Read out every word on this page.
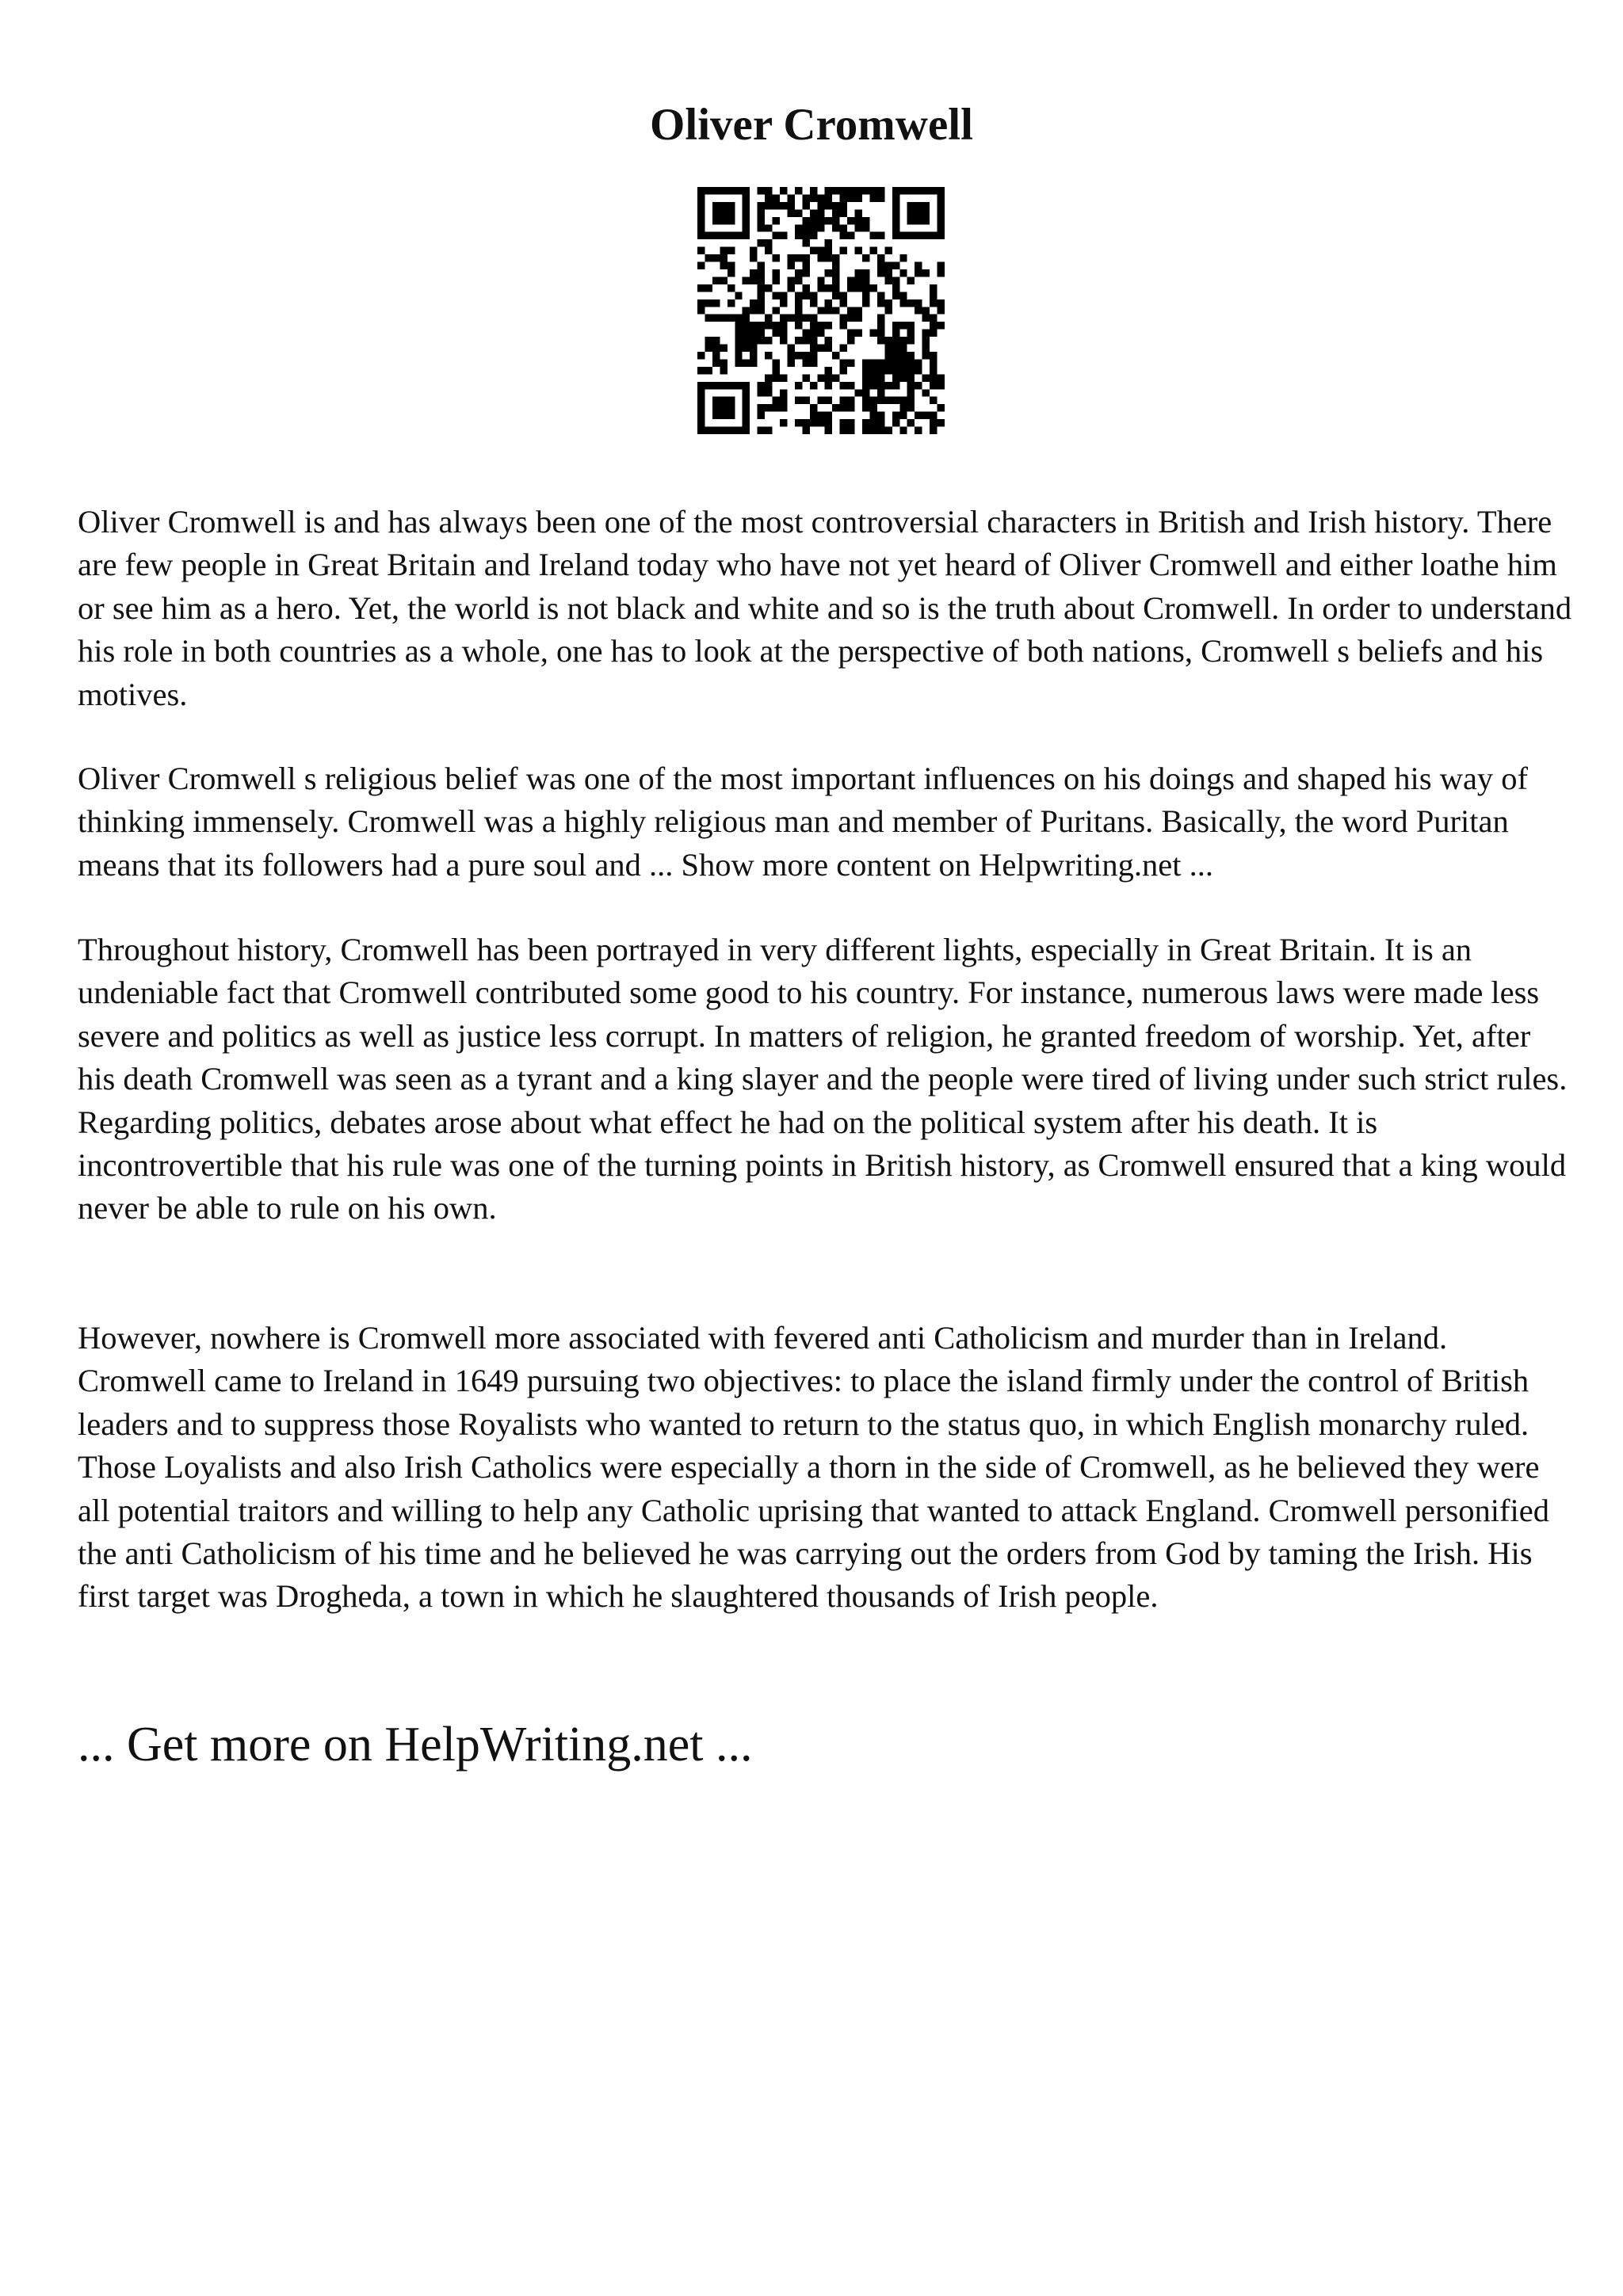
Oliver Cromwell

Oliver Cromwell is and has always been one of the most controversial characters in British and Irish history. There are few people in Great Britain and Ireland today who have not yet heard of Oliver Cromwell and either loathe him or see him as a hero. Yet, the world is not black and white and so is the truth about Cromwell. In order to understand his role in both countries as a whole, one has to look at the perspective of both nations, Cromwell s beliefs and his motives.

Oliver Cromwell s religious belief was one of the most important influences on his doings and shaped his way of thinking immensely. Cromwell was a highly religious man and member of Puritans. Basically, the word Puritan means that its followers had a pure soul and ... Show more content on Helpwriting.net ...

Throughout history, Cromwell has been portrayed in very different lights, especially in Great Britain. It is an undeniable fact that Cromwell contributed some good to his country. For instance, numerous laws were made less severe and politics as well as justice less corrupt. In matters of religion, he granted freedom of worship. Yet, after his death Cromwell was seen as a tyrant and a king slayer and the people were tired of living under such strict rules. Regarding politics, debates arose about what effect he had on the political system after his death. It is incontrovertible that his rule was one of the turning points in British history, as Cromwell ensured that a king would never be able to rule on his own.

However, nowhere is Cromwell more associated with fevered anti Catholicism and murder than in Ireland. Cromwell came to Ireland in 1649 pursuing two objectives: to place the island firmly under the control of British leaders and to suppress those Royalists who wanted to return to the status quo, in which English monarchy ruled. Those Loyalists and also Irish Catholics were especially a thorn in the side of Cromwell, as he believed they were all potential traitors and willing to help any Catholic uprising that wanted to attack England. Cromwell personified the anti Catholicism of his time and he believed he was carrying out the orders from God by taming the Irish. His first target was Drogheda, a town in which he slaughtered thousands of Irish people.

... Get more on HelpWriting.net ...
